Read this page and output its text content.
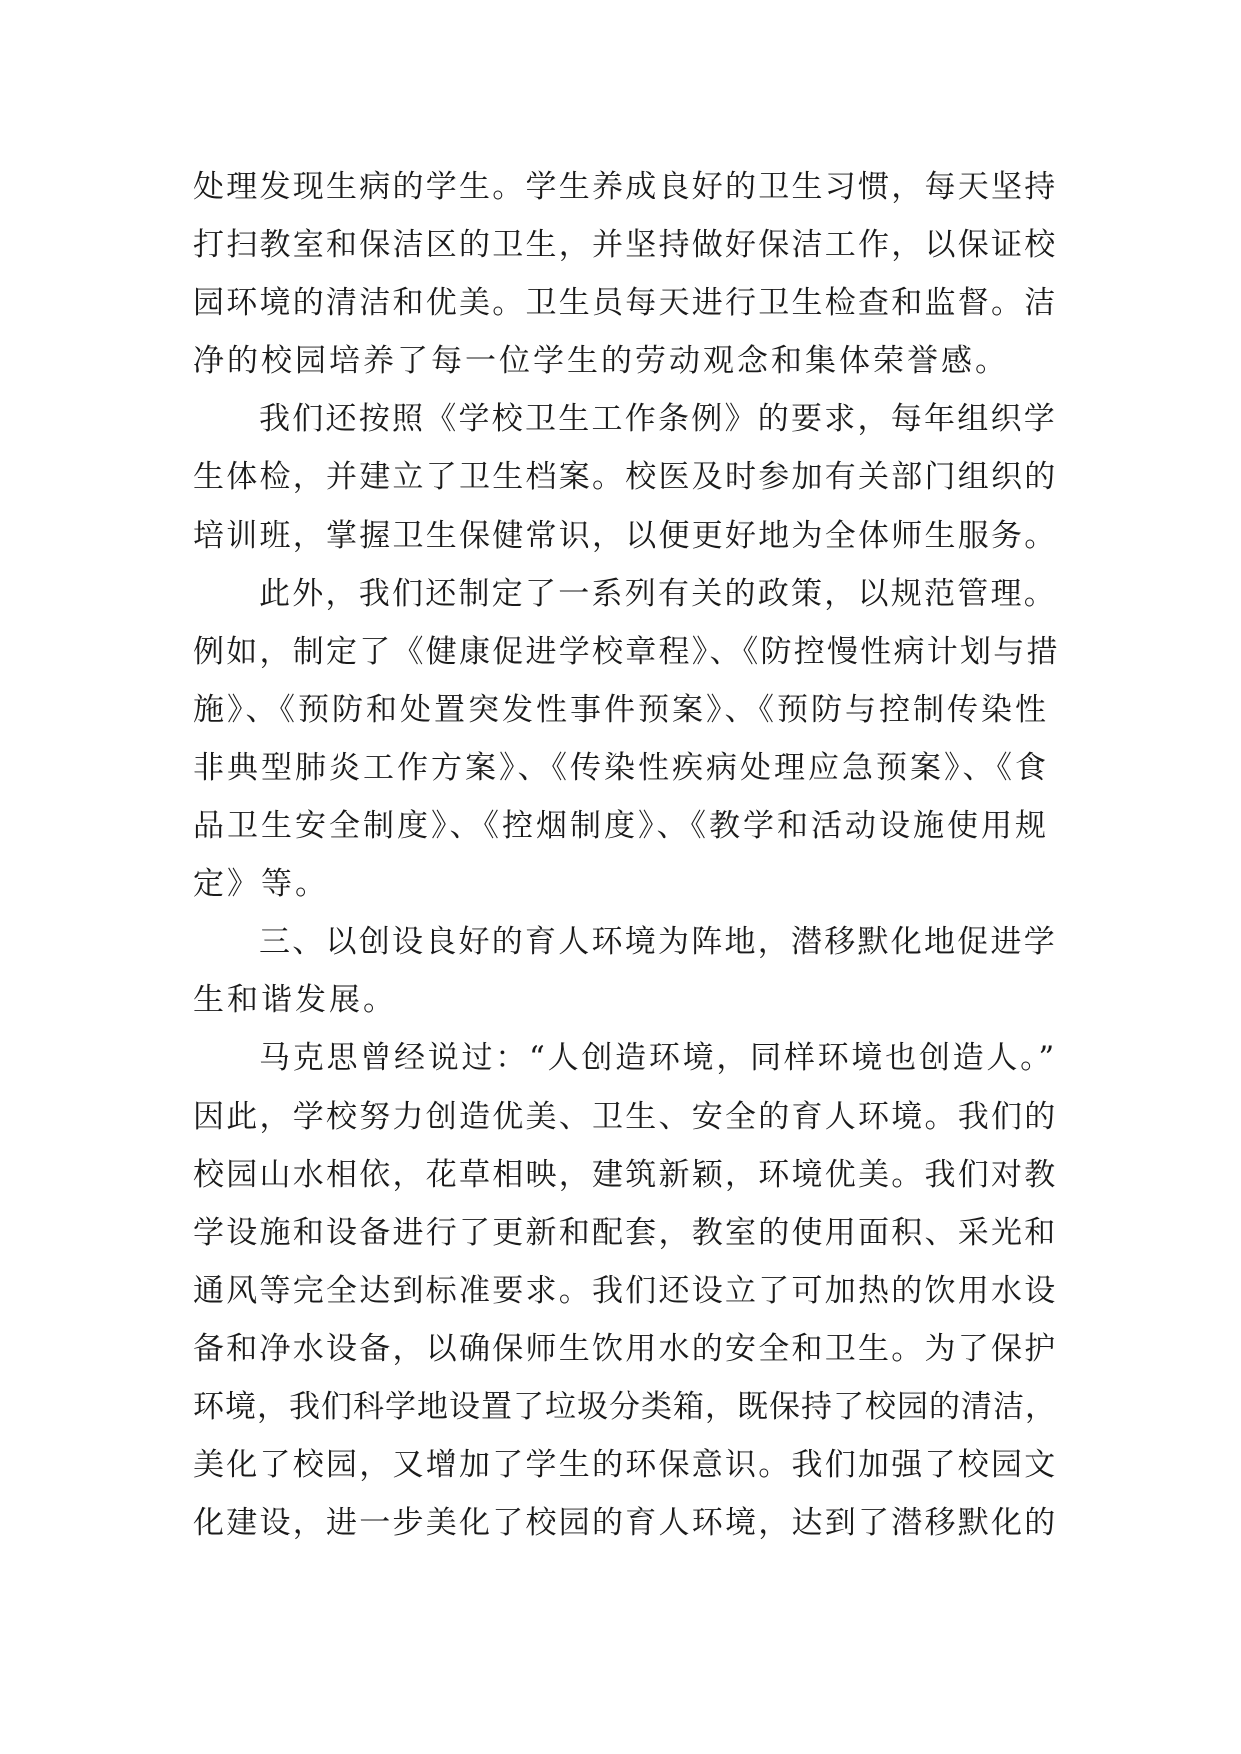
处理发现生病的学生。学生养成良好的卫生习惯，每天坚持
打扫教室和保洁区的卫生，并坚持做好保洁工作，以保证校
园环境的清洁和优美。卫生员每天进行卫生检查和监督。洁
净的校园培养了每一位学生的劳动观念和集体荣誉感。
我们还按照《学校卫生工作条例》的要求，每年组织学
生体检，并建立了卫生档案。校医及时参加有关部门组织的
培训班，掌握卫生保健常识，以便更好地为全体师生服务。
此外，我们还制定了一系列有关的政策，以规范管理。
例如，制定了《健康促进学校章程》、《防控慢性病计划与措
施》、《预防和处置突发性事件预案》、《预防与控制传染性
非典型肺炎工作方案》、《传染性疾病处理应急预案》、《食
品卫生安全制度》、《控烟制度》、《教学和活动设施使用规
定》等。
三、以创设良好的育人环境为阵地，潜移默化地促进学
生和谐发展。
马克思曾经说过：“人创造环境，同样环境也创造人。”
因此，学校努力创造优美、卫生、安全的育人环境。我们的
校园山水相依，花草相映，建筑新颖，环境优美。我们对教
学设施和设备进行了更新和配套，教室的使用面积、采光和
通风等完全达到标准要求。我们还设立了可加热的饮用水设
备和净水设备，以确保师生饮用水的安全和卫生。为了保护
环境，我们科学地设置了垃圾分类箱，既保持了校园的清洁，
美化了校园，又增加了学生的环保意识。我们加强了校园文
化建设，进一步美化了校园的育人环境，达到了潜移默化的
